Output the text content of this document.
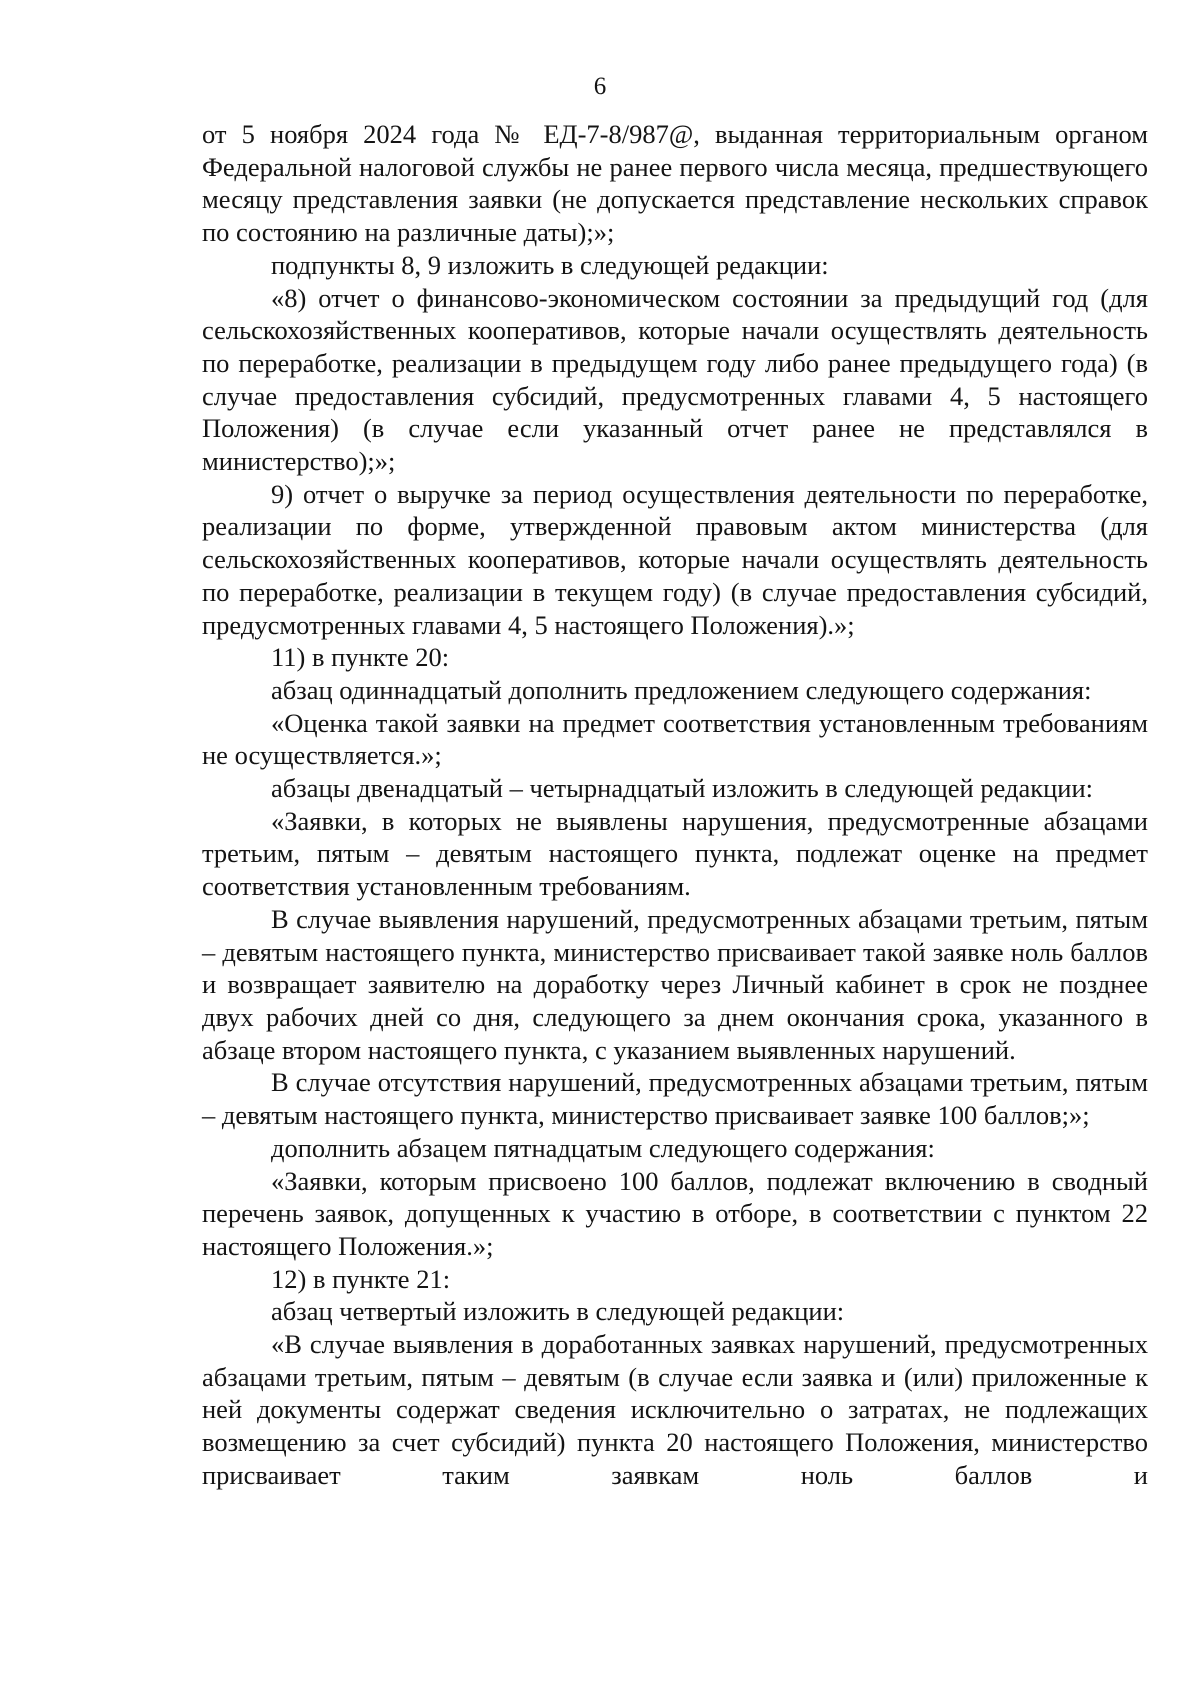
6

от 5 ноября 2024 года № ЕД-7-8/987@, выданная территориальным органом Федеральной налоговой службы не ранее первого числа месяца, предшествующего месяцу представления заявки (не допускается представление нескольких справок по состоянию на различные даты);»;

подпункты 8, 9 изложить в следующей редакции:

«8) отчет о финансово-экономическом состоянии за предыдущий год (для сельскохозяйственных кооперативов, которые начали осуществлять деятельность по переработке, реализации в предыдущем году либо ранее предыдущего года) (в случае предоставления субсидий, предусмотренных главами 4, 5 настоящего Положения) (в случае если указанный отчет ранее не представлялся в министерство);»;

9) отчет о выручке за период осуществления деятельности по переработке, реализации по форме, утвержденной правовым актом министерства (для сельскохозяйственных кооперативов, которые начали осуществлять деятельность по переработке, реализации в текущем году) (в случае предоставления субсидий, предусмотренных главами 4, 5 настоящего Положения).»;

11) в пункте 20:

абзац одиннадцатый дополнить предложением следующего содержания:

«Оценка такой заявки на предмет соответствия установленным требованиям не осуществляется.»;

абзацы двенадцатый – четырнадцатый изложить в следующей редакции:

«Заявки, в которых не выявлены нарушения, предусмотренные абзацами третьим, пятым – девятым настоящего пункта, подлежат оценке на предмет соответствия установленным требованиям.

В случае выявления нарушений, предусмотренных абзацами третьим, пятым – девятым настоящего пункта, министерство присваивает такой заявке ноль баллов и возвращает заявителю на доработку через Личный кабинет в срок не позднее двух рабочих дней со дня, следующего за днем окончания срока, указанного в абзаце втором настоящего пункта, с указанием выявленных нарушений.

В случае отсутствия нарушений, предусмотренных абзацами третьим, пятым – девятым настоящего пункта, министерство присваивает заявке 100 баллов;»;

дополнить абзацем пятнадцатым следующего содержания:

«Заявки, которым присвоено 100 баллов, подлежат включению в сводный перечень заявок, допущенных к участию в отборе, в соответствии с пунктом 22 настоящего Положения.»;

12) в пункте 21:

абзац четвертый изложить в следующей редакции:

«В случае выявления в доработанных заявках нарушений, предусмотренных абзацами третьим, пятым – девятым (в случае если заявка и (или) приложенные к ней документы содержат сведения исключительно о затратах, не подлежащих возмещению за счет субсидий) пункта 20 настоящего Положения, министерство присваивает таким заявкам ноль баллов и
